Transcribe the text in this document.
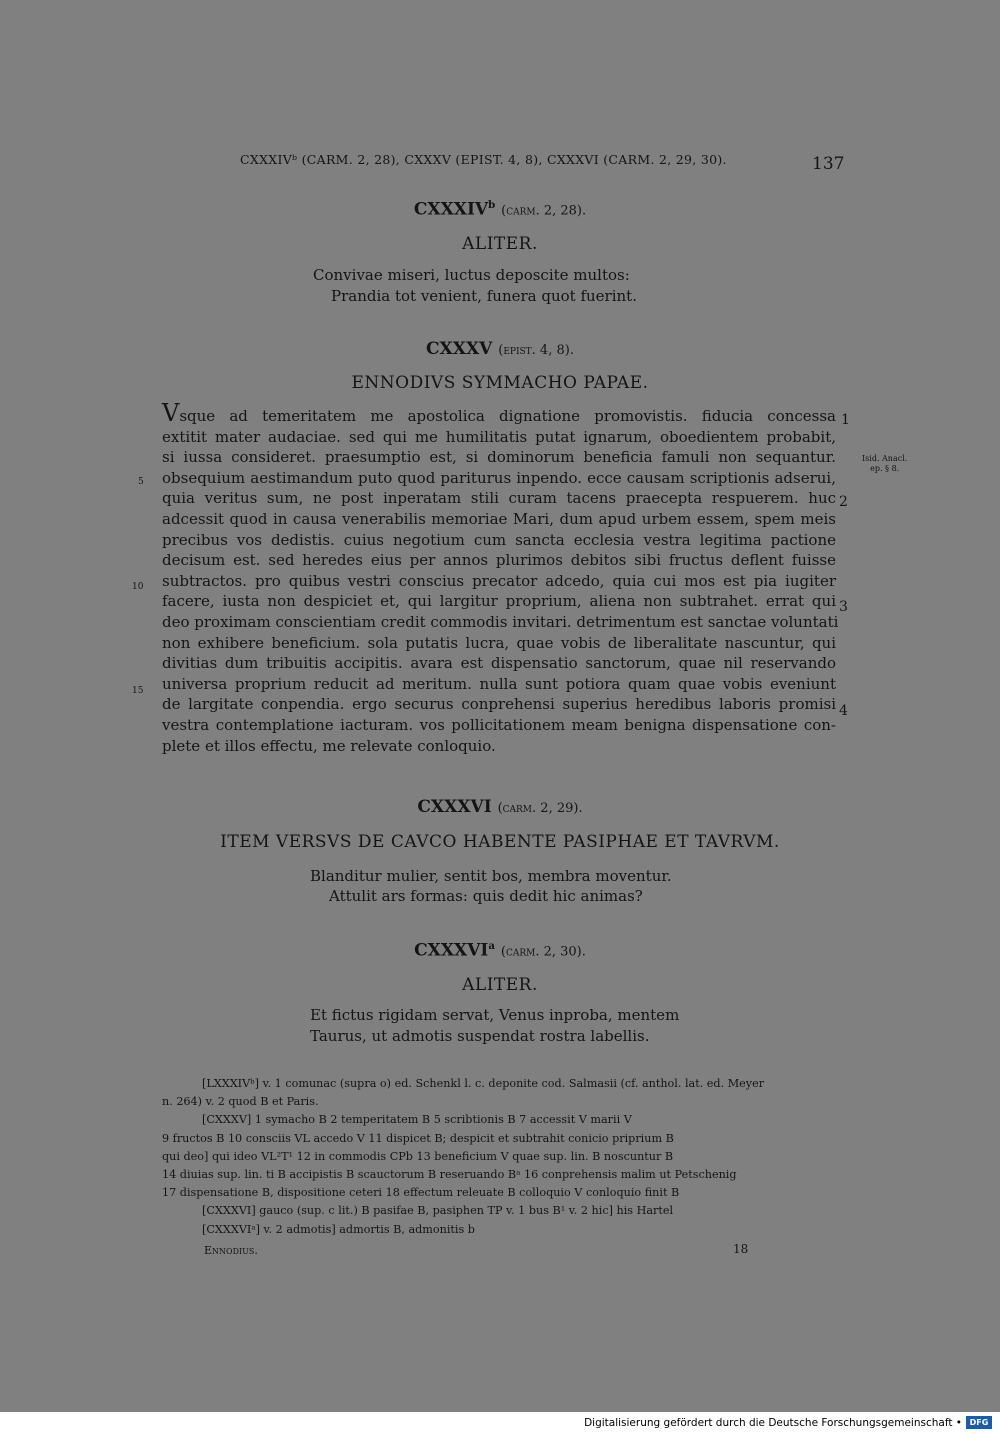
CXXXIVᵇ (CARM. 2, 28), CXXXV (EPIST. 4, 8), CXXXVI (CARM. 2, 29, 30).	137
CXXXIV$^b$ (carm. 2, 28).
ALITER.
Convivae miseri, luctus deposcite multos:
Prandia tot venient, funera quot fuerint.
CXXXV (epist. 4, 8).
ENNODIVS SYMMACHO PAPAE.
Vsque ad temeritatem me apostolica dignatione promovistis. fiducia concessa
extitit mater audaciae. sed qui me humilitatis putat ignarum, oboedientem probabit,
si iussa consideret. praesumptio est, si dominorum beneficia famuli non sequantur.
obsequium aestimandum puto quod pariturus inpendo. ecce causam scriptionis adserui,
quia veritus sum, ne post inperatam stili curam tacens praecepta respuerem. huc
adcessit quod in causa venerabilis memoriae Mari, dum apud urbem essem, spem meis
precibus vos dedistis. cuius negotium cum sancta ecclesia vestra legitima pactione
decisum est. sed heredes eius per annos plurimos debitos sibi fructus deflent fuisse
subtractos. pro quibus vestri conscius precator adcedo, quia cui mos est pia iugiter
facere, iusta non despiciet et, qui largitur proprium, aliena non subtrahet. errat qui
deo proximam conscientiam credit commodis invitari. detrimentum est sanctae voluntati
non exhibere beneficium. sola putatis lucra, quae vobis de liberalitate nascuntur, qui
divitias dum tribuitis accipitis. avara est dispensatio sanctorum, quae nil reservando
universa proprium reducit ad meritum. nulla sunt potiora quam quae vobis eveniunt
de largitate conpendia. ergo securus conprehensi superius heredibus laboris promisi
vestra contemplatione iacturam. vos pollicitationem meam benigna dispensatione con-
plete et illos effectu, me relevate conloquio.
1
2
3
4
5
10
15
Isid. Anacl.
ep. § 8.
CXXXVI (carm. 2, 29).
ITEM VERSVS DE CAVCO HABENTE PASIPHAE ET TAVRVM.
Blanditur mulier, sentit bos, membra moventur.
Attulit ars formas: quis dedit hic animas?
CXXXVI$^a$ (carm. 2, 30).
ALITER.
Et fictus rigidam servat, Venus inproba, mentem
Taurus, ut admotis suspendat rostra labellis.
[LXXXIVᵇ] v. 1 comunac (supra o) ed. Schenkl l. c. deponite cod. Salmasii (cf. anthol. lat. ed. Meyer
n. 264) v. 2 quod B et Paris.
[CXXXV] 1 symacho B 2 temperitatem B 5 scribtionis B 7 accessit V marii V
9 fructos B 10 consciis VL accedo V 11 dispicet B; despicit et subtrahit conicio priprium B
qui deo] qui ideo VL²T¹ 12 in commodis CPb 13 beneficium V quae sup. lin. B noscuntur B
14 diuias sup. lin. ti B accipistis B scauctorum B reseruando Bᵃ 16 conprehensis malim ut Petschenig
17 dispensatione B, dispositione ceteri 18 effectum releuate B colloquio V conloquio finit B
[CXXXVI] gauco (sup. c lit.) B pasifae B, pasiphen TP v. 1 bus B¹ v. 2 hic] his Hartel
[CXXXVIᵃ] v. 2 admotis] admortis B, admonitis b
Ennodius.	18
Digitalisierung gefördert durch die Deutsche Forschungsgemeinschaft • DFG
